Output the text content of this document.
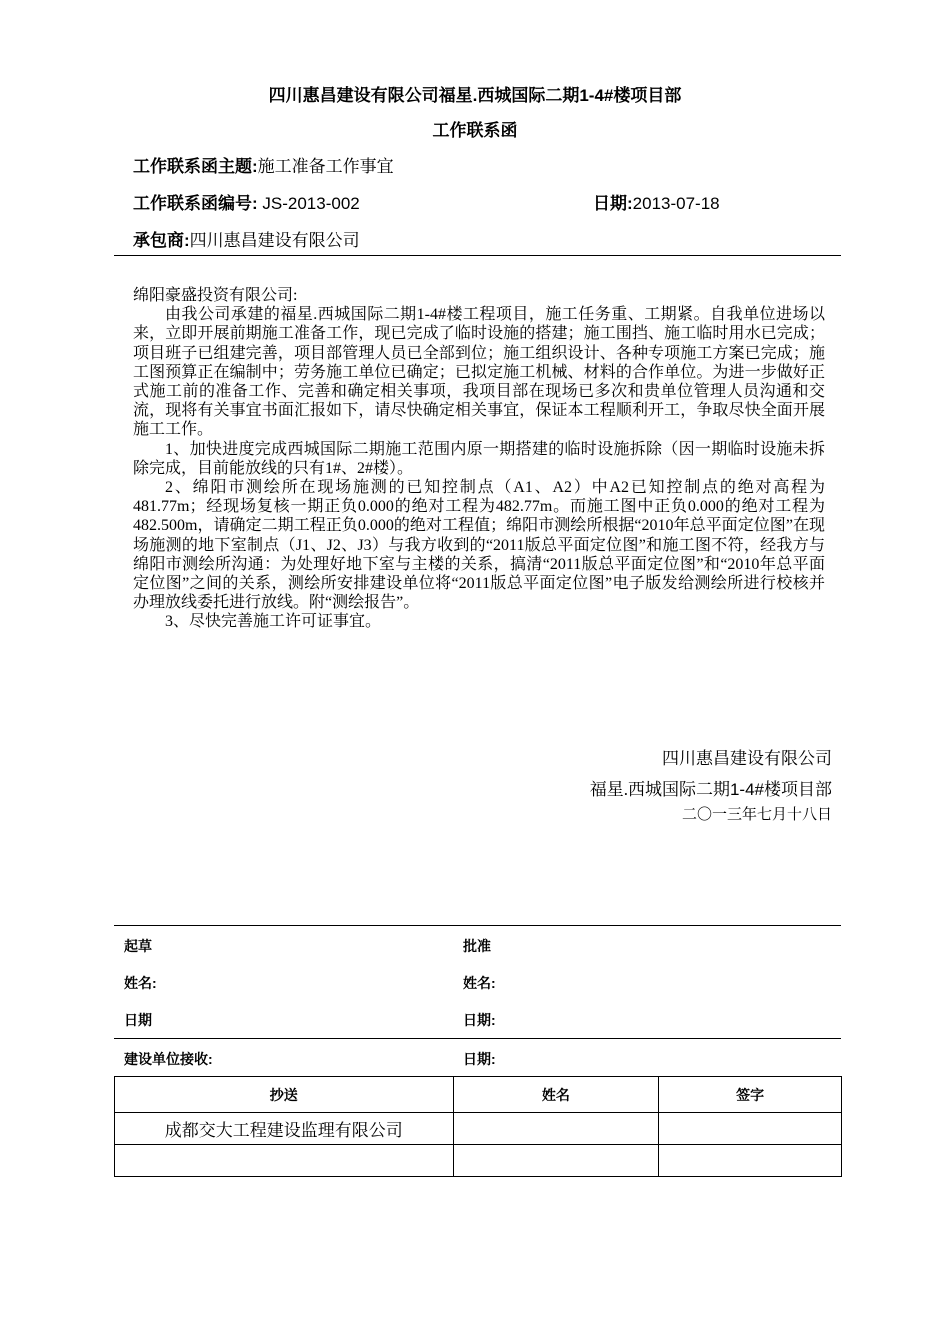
四川惠昌建设有限公司福星.西城国际二期1-4#楼项目部
工作联系函
工作联系函主题:施工准备工作事宜
工作联系函编号: JS-2013-002	日期:2013-07-18
承包商:四川惠昌建设有限公司

绵阳豪盛投资有限公司:

由我公司承建的福星.西城国际二期1-4#楼工程项目，施工任务重、工期紧。自我单位进场以来，立即开展前期施工准备工作，现已完成了临时设施的搭建；施工围挡、施工临时用水已完成；项目班子已组建完善，项目部管理人员已全部到位；施工组织设计、各种专项施工方案已完成；施工图预算正在编制中；劳务施工单位已确定；已拟定施工机械、材料的合作单位。为进一步做好正式施工前的准备工作、完善和确定相关事项，我项目部在现场已多次和贵单位管理人员沟通和交流，现将有关事宜书面汇报如下，请尽快确定相关事宜，保证本工程顺利开工，争取尽快全面开展施工工作。

1、加快进度完成西城国际二期施工范围内原一期搭建的临时设施拆除（因一期临时设施未拆除完成，目前能放线的只有1#、2#楼）。

2、绵阳市测绘所在现场施测的已知控制点（A1、A2）中A2已知控制点的绝对高程为481.77m；经现场复核一期正负0.000的绝对工程为482.77m。而施工图中正负0.000的绝对工程为482.500m，请确定二期工程正负0.000的绝对工程值；绵阳市测绘所根据“2010年总平面定位图”在现场施测的地下室制点（J1、J2、J3）与我方收到的“2011版总平面定位图”和施工图不符，经我方与绵阳市测绘所沟通：为处理好地下室与主楼的关系，搞清“2011版总平面定位图”和“2010年总平面定位图”之间的关系，测绘所安排建设单位将“2011版总平面定位图”电子版发给测绘所进行校核并办理放线委托进行放线。附“测绘报告”。

3、尽快完善施工许可证事宜。

四川惠昌建设有限公司
福星.西城国际二期1-4#楼项目部
二〇一三年七月十八日
起草	批准
姓名:	姓名:
日期	日期:
建设单位接收:	日期:
抄送	姓名	签字
成都交大工程建设监理有限公司		
